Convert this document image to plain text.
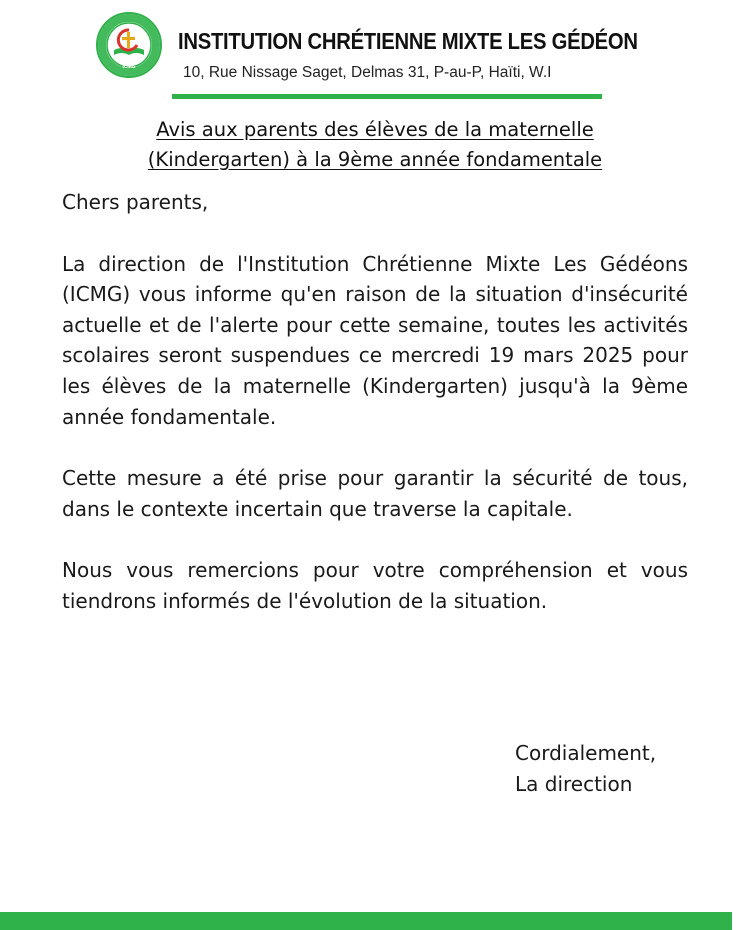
ICMG
INSTITUTION CHRÉTIENNE MIXTE LES GÉDÉON
10, Rue Nissage Saget, Delmas 31, P-au-P, Haïti, W.I
Avis aux parents des élèves de la maternelle
(Kindergarten) à la 9ème année fondamentale

Chers parents,

La direction de l'Institution Chrétienne Mixte Les Gédéons (ICMG) vous informe qu'en raison de la situation d'insécurité actuelle et de l'alerte pour cette semaine, toutes les activités scolaires seront suspendues ce mercredi 19 mars 2025 pour les élèves de la maternelle (Kindergarten) jusqu'à la 9ème année fondamentale.

Cette mesure a été prise pour garantir la sécurité de tous, dans le contexte incertain que traverse la capitale.

Nous vous remercions pour votre compréhension et vous tiendrons informés de l'évolution de la situation.

Cordialement,
La direction
